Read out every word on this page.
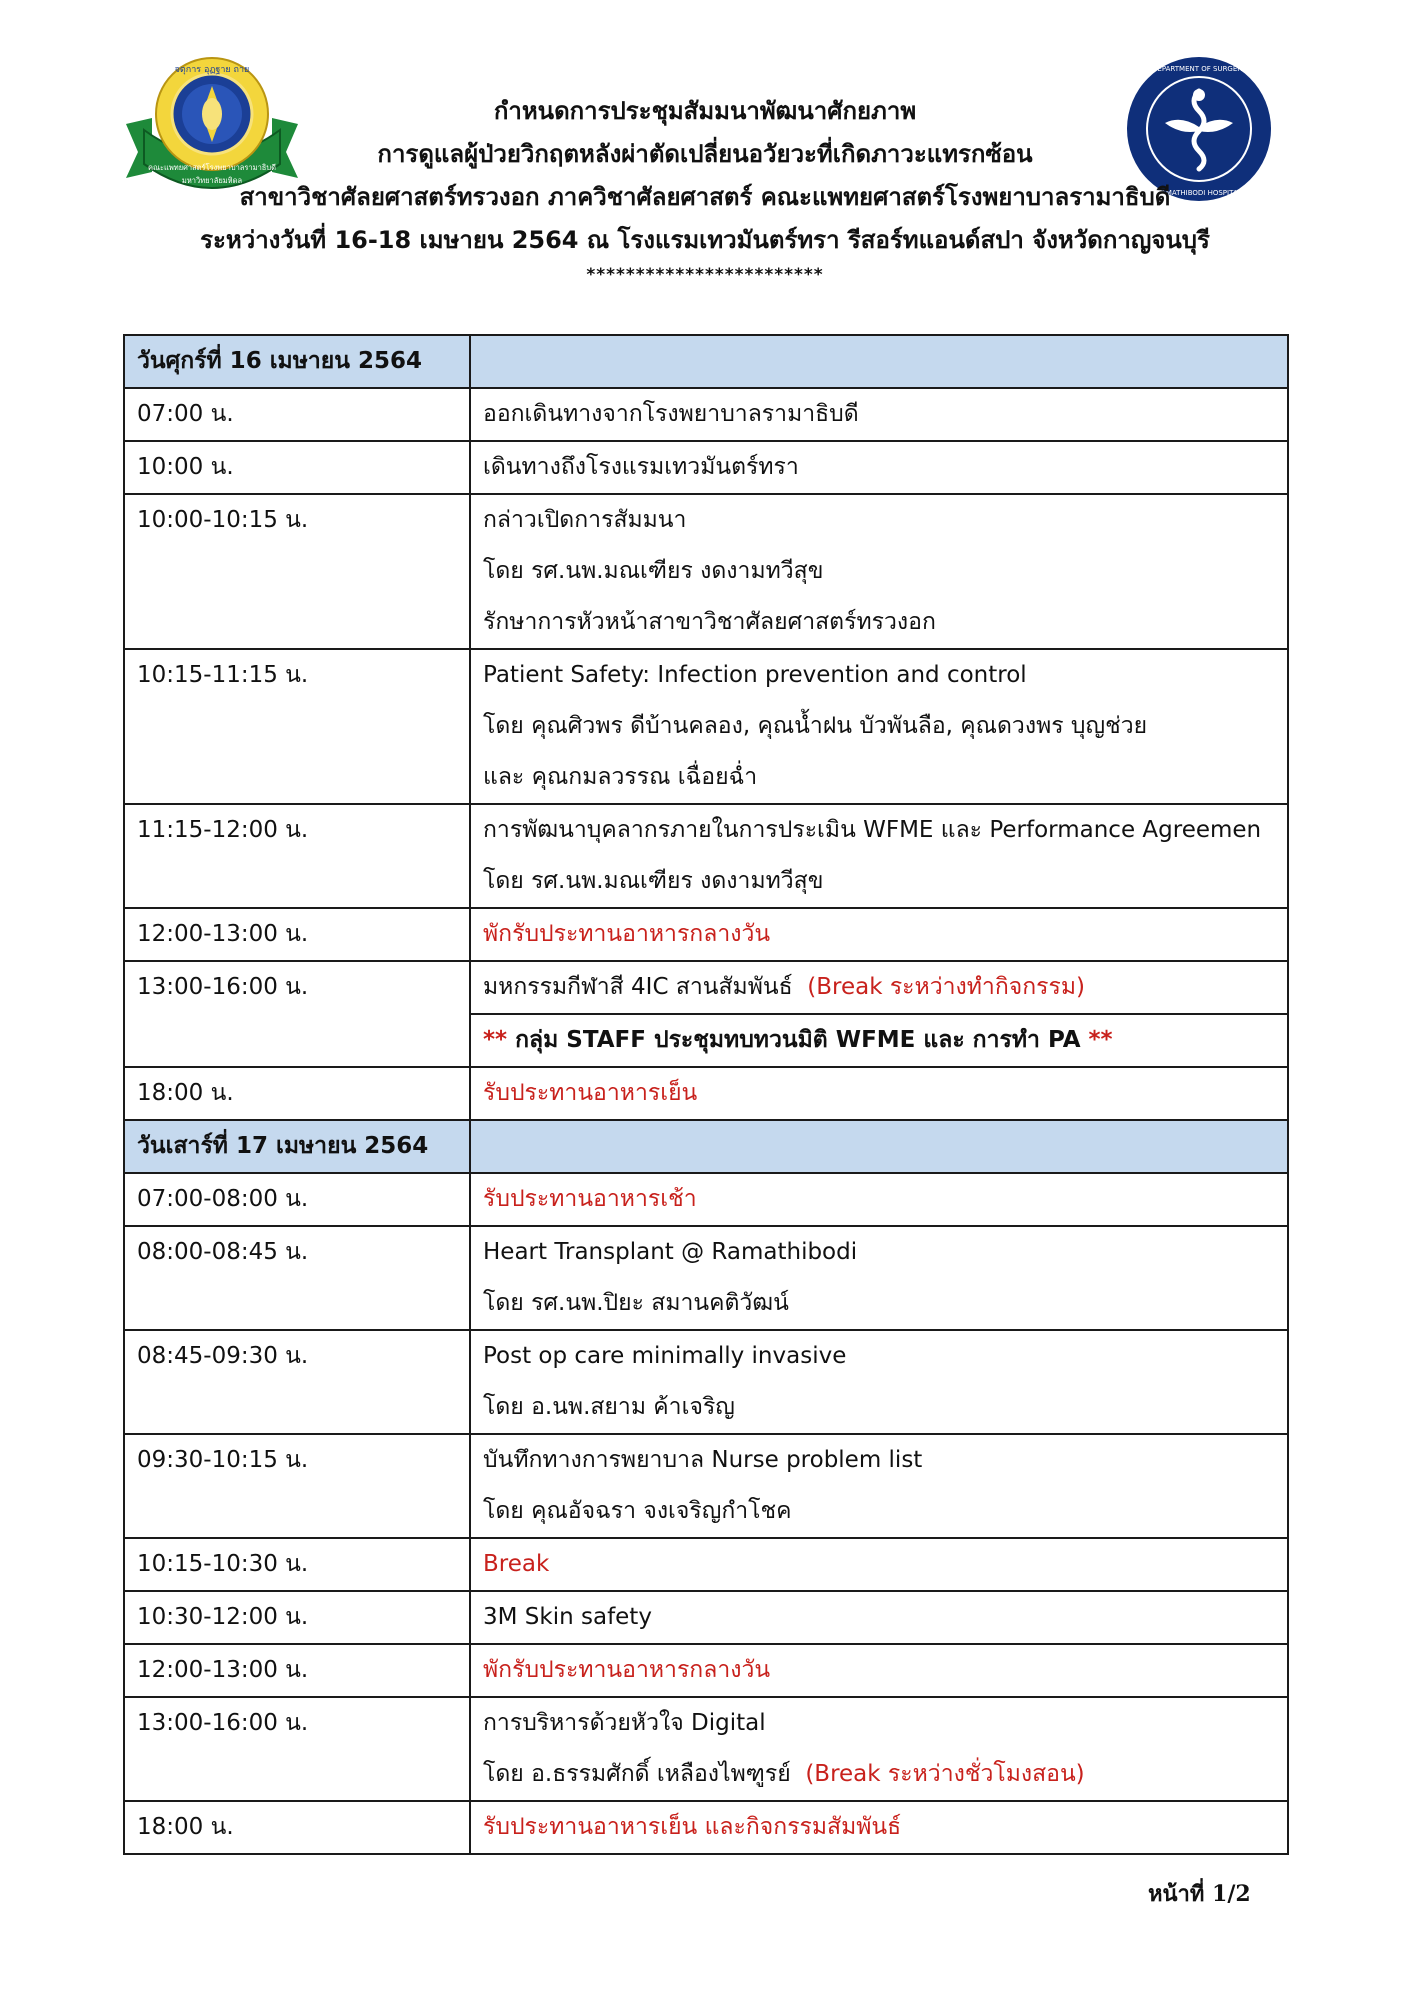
จตุการ อุฏฐาย ถาย
คณะแพทยศาสตร์โรงพยาบาลรามาธิบดี
มหาวิทยาลัยมหิดล
DEPARTMENT OF SURGERY
RAMATHIBODI HOSPITAL
กำหนดการประชุมสัมมนาพัฒนาศักยภาพ
การดูแลผู้ป่วยวิกฤตหลังผ่าตัดเปลี่ยนอวัยวะที่เกิดภาวะแทรกซ้อน
สาขาวิชาศัลยศาสตร์ทรวงอก ภาควิชาศัลยศาสตร์ คณะแพทยศาสตร์โรงพยาบาลรามาธิบดี
ระหว่างวันที่ 16-18 เมษายน 2564 ณ โรงแรมเทวมันตร์ทรา รีสอร์ทแอนด์สปา จังหวัดกาญจนบุรี
************************
วันศุกร์ที่ 16 เมษายน 2564	
07:00 น.	ออกเดินทางจากโรงพยาบาลรามาธิบดี

10:00 น.	เดินทางถึงโรงแรมเทวมันตร์ทรา

10:00-10:15 น.	กล่าวเปิดการสัมมนา
โดย รศ.นพ.มณเฑียร งดงามทวีสุข
รักษาการหัวหน้าสาขาวิชาศัลยศาสตร์ทรวงอก

10:15-11:15 น.	Patient Safety: Infection prevention and control
โดย คุณศิวพร ดีบ้านคลอง, คุณน้ำฝน บัวพันลือ, คุณดวงพร บุญช่วย
และ คุณกมลวรรณ เฉื่อยฉ่ำ

11:15-12:00 น.	การพัฒนาบุคลากรภายในการประเมิน WFME และ Performance Agreemen
โดย รศ.นพ.มณเฑียร งดงามทวีสุข

12:00-13:00 น.	พักรับประทานอาหารกลางวัน

13:00-16:00 น.	มหกรรมกีฬาสี 4IC สานสัมพันธ์ (Break ระหว่างทำกิจกรรม)
	** กลุ่ม STAFF ประชุมทบทวนมิติ WFME และ การทำ PA **
18:00 น.	รับประทานอาหารเย็น

วันเสาร์ที่ 17 เมษายน 2564	
07:00-08:00 น.	รับประทานอาหารเช้า

08:00-08:45 น.	Heart Transplant @ Ramathibodi
โดย รศ.นพ.ปิยะ สมานคติวัฒน์

08:45-09:30 น.	Post op care minimally invasive
โดย อ.นพ.สยาม ค้าเจริญ

09:30-10:15 น.	บันทึกทางการพยาบาล Nurse problem list
โดย คุณอัจฉรา จงเจริญกำโชค

10:15-10:30 น.	Break

10:30-12:00 น.	3M Skin safety

12:00-13:00 น.	พักรับประทานอาหารกลางวัน

13:00-16:00 น.	การบริหารด้วยหัวใจ Digital
โดย อ.ธรรมศักดิ์ เหลืองไพฑูรย์ (Break ระหว่างชั่วโมงสอน)

18:00 น.	รับประทานอาหารเย็น และกิจกรรมสัมพันธ์
หน้าที่ 1/2
